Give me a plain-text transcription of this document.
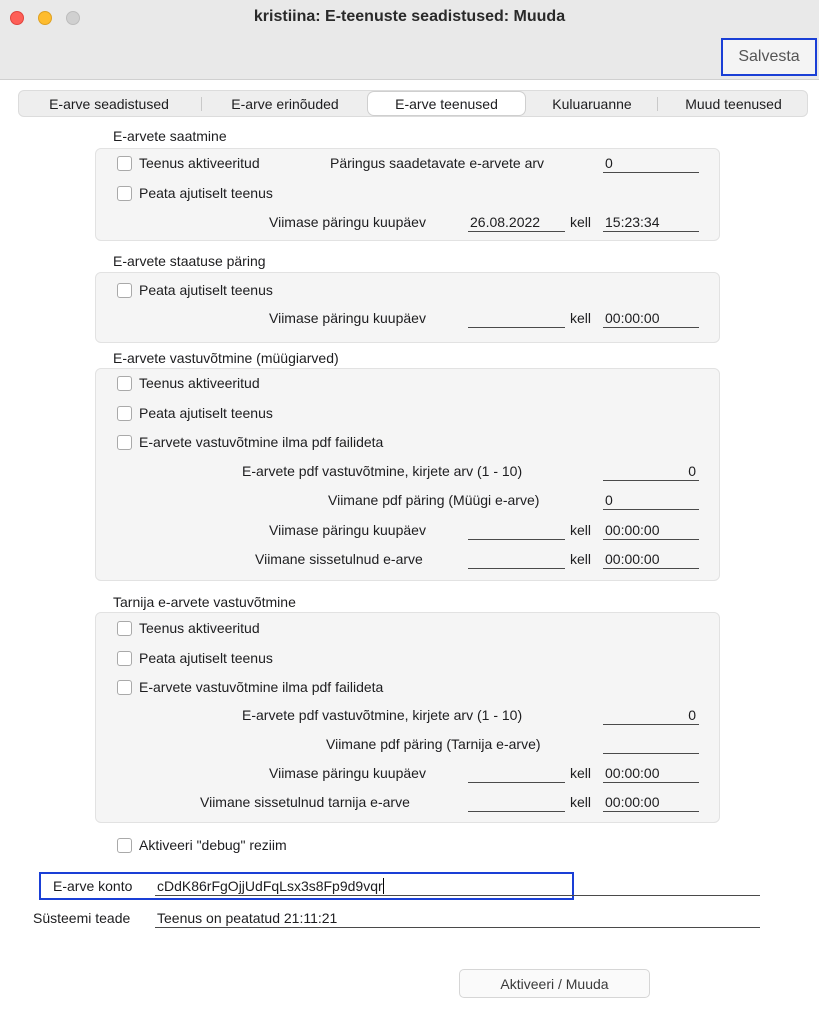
kristiina: E-teenuste seadistused: Muuda
Salvesta
E-arve seadistused	E-arve erinõuded	E-arve teenused	Kuluaruanne	Muud teenused
E-arvete saatmine
Teenus aktiveeritud	Päringus saadetavate e-arvete arv	0
Peata ajutiselt teenus
Viimase päringu kuupäev	26.08.2022	kell 15:23:34
E-arvete staatuse päring
Peata ajutiselt teenus
Viimase päringu kuupäev	kell 00:00:00
E-arvete vastuvõtmine (müügiarved)
Teenus aktiveeritud
Peata ajutiselt teenus
E-arvete vastuvõtmine ilma pdf failideta
E-arvete pdf vastuvõtmine, kirjete arv (1 - 10)	0
Viimane pdf päring (Müügi e-arve)	0
Viimase päringu kuupäev	kell 00:00:00
Viimane sissetulnud e-arve	kell 00:00:00
Tarnija e-arvete vastuvõtmine
Teenus aktiveeritud
Peata ajutiselt teenus
E-arvete vastuvõtmine ilma pdf failideta
E-arvete pdf vastuvõtmine, kirjete arv (1 - 10)	0
Viimane pdf päring (Tarnija e-arve)
Viimase päringu kuupäev	kell 00:00:00
Viimane sissetulnud tarnija e-arve	kell 00:00:00
Aktiveeri "debug" reziim
E-arve konto cDdK86rFgOjjUdFqLsx3s8Fp9d9vqr
Süsteemi teade Teenus on peatatud 21:11:21
Aktiveeri / Muuda
